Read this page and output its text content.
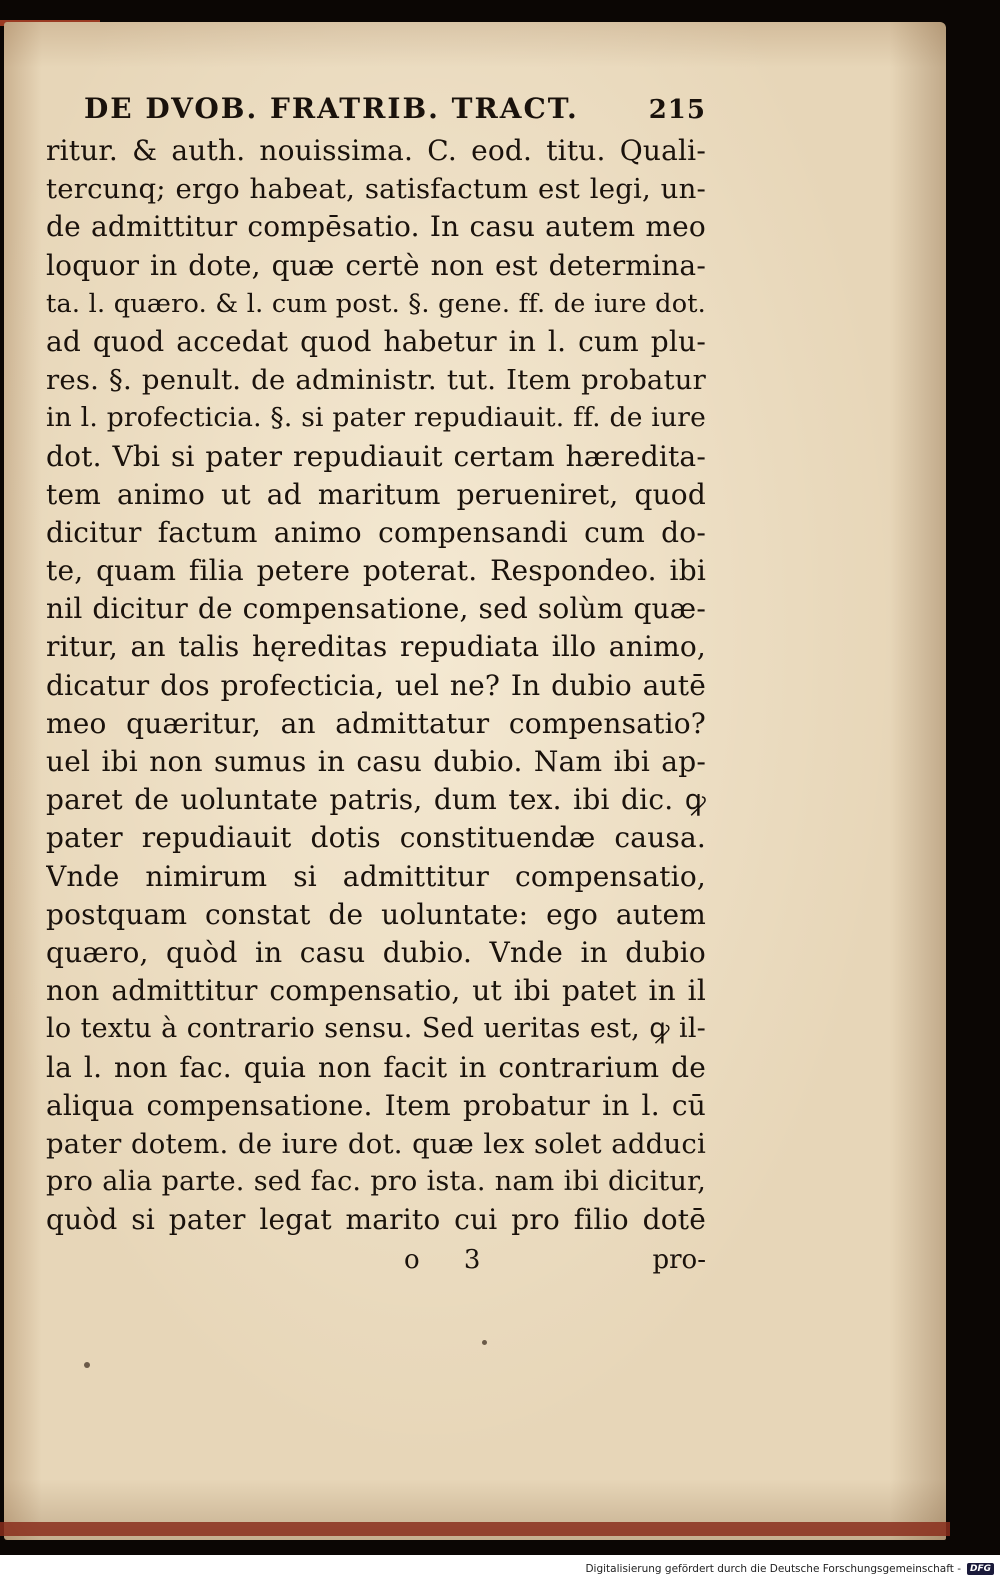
DE DVOB. FRATRIB. TRACT.	215
ritur. & auth. nouissima. C. eod. titu. Quali-
tercunq; ergo habeat, satisfactum est legi, un-
de admittitur compēsatio. In casu autem meo
loquor in dote, quæ certè non est determina-
ta. l. quæro. & l. cum post. §. gene. ff. de iure dot.
ad quod accedat quod habetur in l. cum plu-
res. §. penult. de administr. tut. Item probatur
in l. profecticia. §. si pater repudiauit. ff. de iure
dot. Vbi si pater repudiauit certam hæredita-
tem animo ut ad maritum perueniret, quod
dicitur factum animo compensandi cum do-
te, quam filia petere poterat. Respondeo. ibi
nil dicitur de compensatione, sed solùm quæ-
ritur, an talis hęreditas repudiata illo animo,
dicatur dos profecticia, uel ne? In dubio autē
meo quæritur, an admittatur compensatio?
uel ibi non sumus in casu dubio. Nam ibi ap-
paret de uoluntate patris, dum tex. ibi dic. ꝙ
pater repudiauit dotis constituendæ causa.
Vnde nimirum si admittitur compensatio,
postquam constat de uoluntate: ego autem
quæro, quòd in casu dubio. Vnde in dubio
non admittitur compensatio, ut ibi patet in il
lo textu à contrario sensu. Sed ueritas est, ꝙ il-
la l. non fac. quia non facit in contrarium de
aliqua compensatione. Item probatur in l. cū
pater dotem. de iure dot. quæ lex solet adduci
pro alia parte. sed fac. pro ista. nam ibi dicitur,
quòd si pater legat marito cui pro filio dotē
o 3	pro-
Digitalisierung gefördert durch die Deutsche Forschungsgemeinschaft -	DFG
